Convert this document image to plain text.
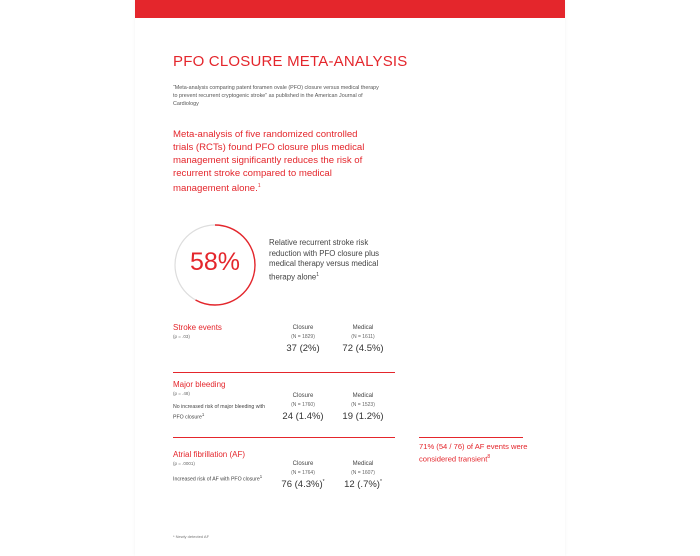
PFO CLOSURE META-ANALYSIS
“Meta-analysis comparing patent foramen ovale (PFO) closure versus medical therapy to prevent recurrent cryptogenic stroke” as published in the American Journal of Cardiology
Meta-analysis of five randomized controlled trials (RCTs) found PFO closure plus medical management significantly reduces the risk of recurrent stroke compared to medical management alone.$^1$
58%
Relative recurrent stroke risk reduction with PFO closure plus medical therapy versus medical therapy alone$^1$
Stroke events
(p = .03)
Closure
(N = 1829)
37 (2%)
Medical
(N = 1611)
72 (4.5%)
Major bleeding
(p = .48)
No increased risk of major bleeding with PFO closure$^1$
Closure
(N = 1760)
24 (1.4%)
Medical
(N = 1523)
19 (1.2%)
Atrial fibrillation (AF)
(p = .0001)
Increased risk of AF with PFO closure$^1$
Closure
(N = 1764)
76 (4.3%)*
Medical
(N = 1607)
12 (.7%)*
71% (54 / 76) of AF events were considered transient$^8$
* Newly detected AF
